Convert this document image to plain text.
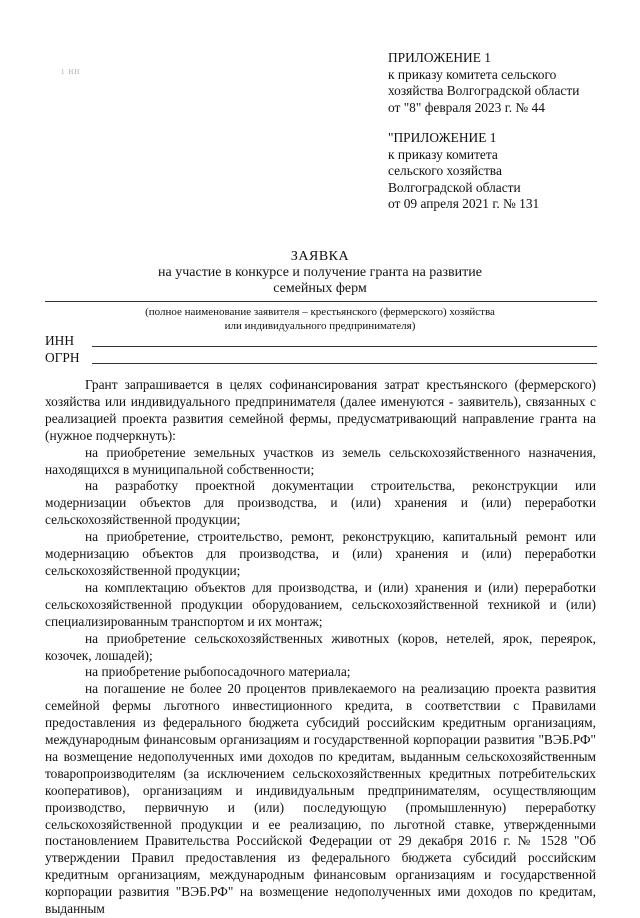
1 НН
ПРИЛОЖЕНИЕ 1
к приказу комитета сельского
хозяйства Волгоградской области
от "8" февраля 2023 г. № 44
"ПРИЛОЖЕНИЕ 1
к приказу комитета
сельского хозяйства
Волгоградской области
от 09 апреля 2021 г. № 131
ЗАЯВКА
на участие в конкурсе и получение гранта на развитие
семейных ферм
(полное наименование заявителя – крестьянского (фермерского) хозяйства
или индивидуального предпринимателя)
ИНН
ОГРН

Грант запрашивается в целях софинансирования затрат крестьянского (фермерского) хозяйства или индивидуального предпринимателя (далее именуются - заявитель), связанных с реализацией проекта развития семейной фермы, предусматривающий направление гранта на (нужное подчеркнуть):

на приобретение земельных участков из земель сельскохозяйственного назначения, находящихся в муниципальной собственности;

на разработку проектной документации строительства, реконструкции или модернизации объектов для производства, и (или) хранения и (или) переработки сельскохозяйственной продукции;

на приобретение, строительство, ремонт, реконструкцию, капитальный ремонт или модернизацию объектов для производства, и (или) хранения и (или) переработки сельскохозяйственной продукции;

на комплектацию объектов для производства, и (или) хранения и (или) переработки сельскохозяйственной продукции оборудованием, сельскохозяйственной техникой и (или) специализированным транспортом и их монтаж;

на приобретение сельскохозяйственных животных (коров, нетелей, ярок, переярок, козочек, лошадей);

на приобретение рыбопосадочного материала;

на погашение не более 20 процентов привлекаемого на реализацию проекта развития семейной фермы льготного инвестиционного кредита, в соответствии с Правилами предоставления из федерального бюджета субсидий российским кредитным организациям, международным финансовым организациям и государственной корпорации развития "ВЭБ.РФ" на возмещение недополученных ими доходов по кредитам, выданным сельскохозяйственным товаропроизводителям (за исключением сельскохозяйственных кредитных потребительских кооперативов), организациям и индивидуальным предпринимателям, осуществляющим производство, первичную и (или) последующую (промышленную) переработку сельскохозяйственной продукции и ее реализацию, по льготной ставке, утвержденными постановлением Правительства Российской Федерации от 29 декабря 2016 г. № 1528 "Об утверждении Правил предоставления из федерального бюджета субсидий российским кредитным организациям, международным финансовым организациям и государственной корпорации развития "ВЭБ.РФ" на возмещение недополученных ими доходов по кредитам, выданным
